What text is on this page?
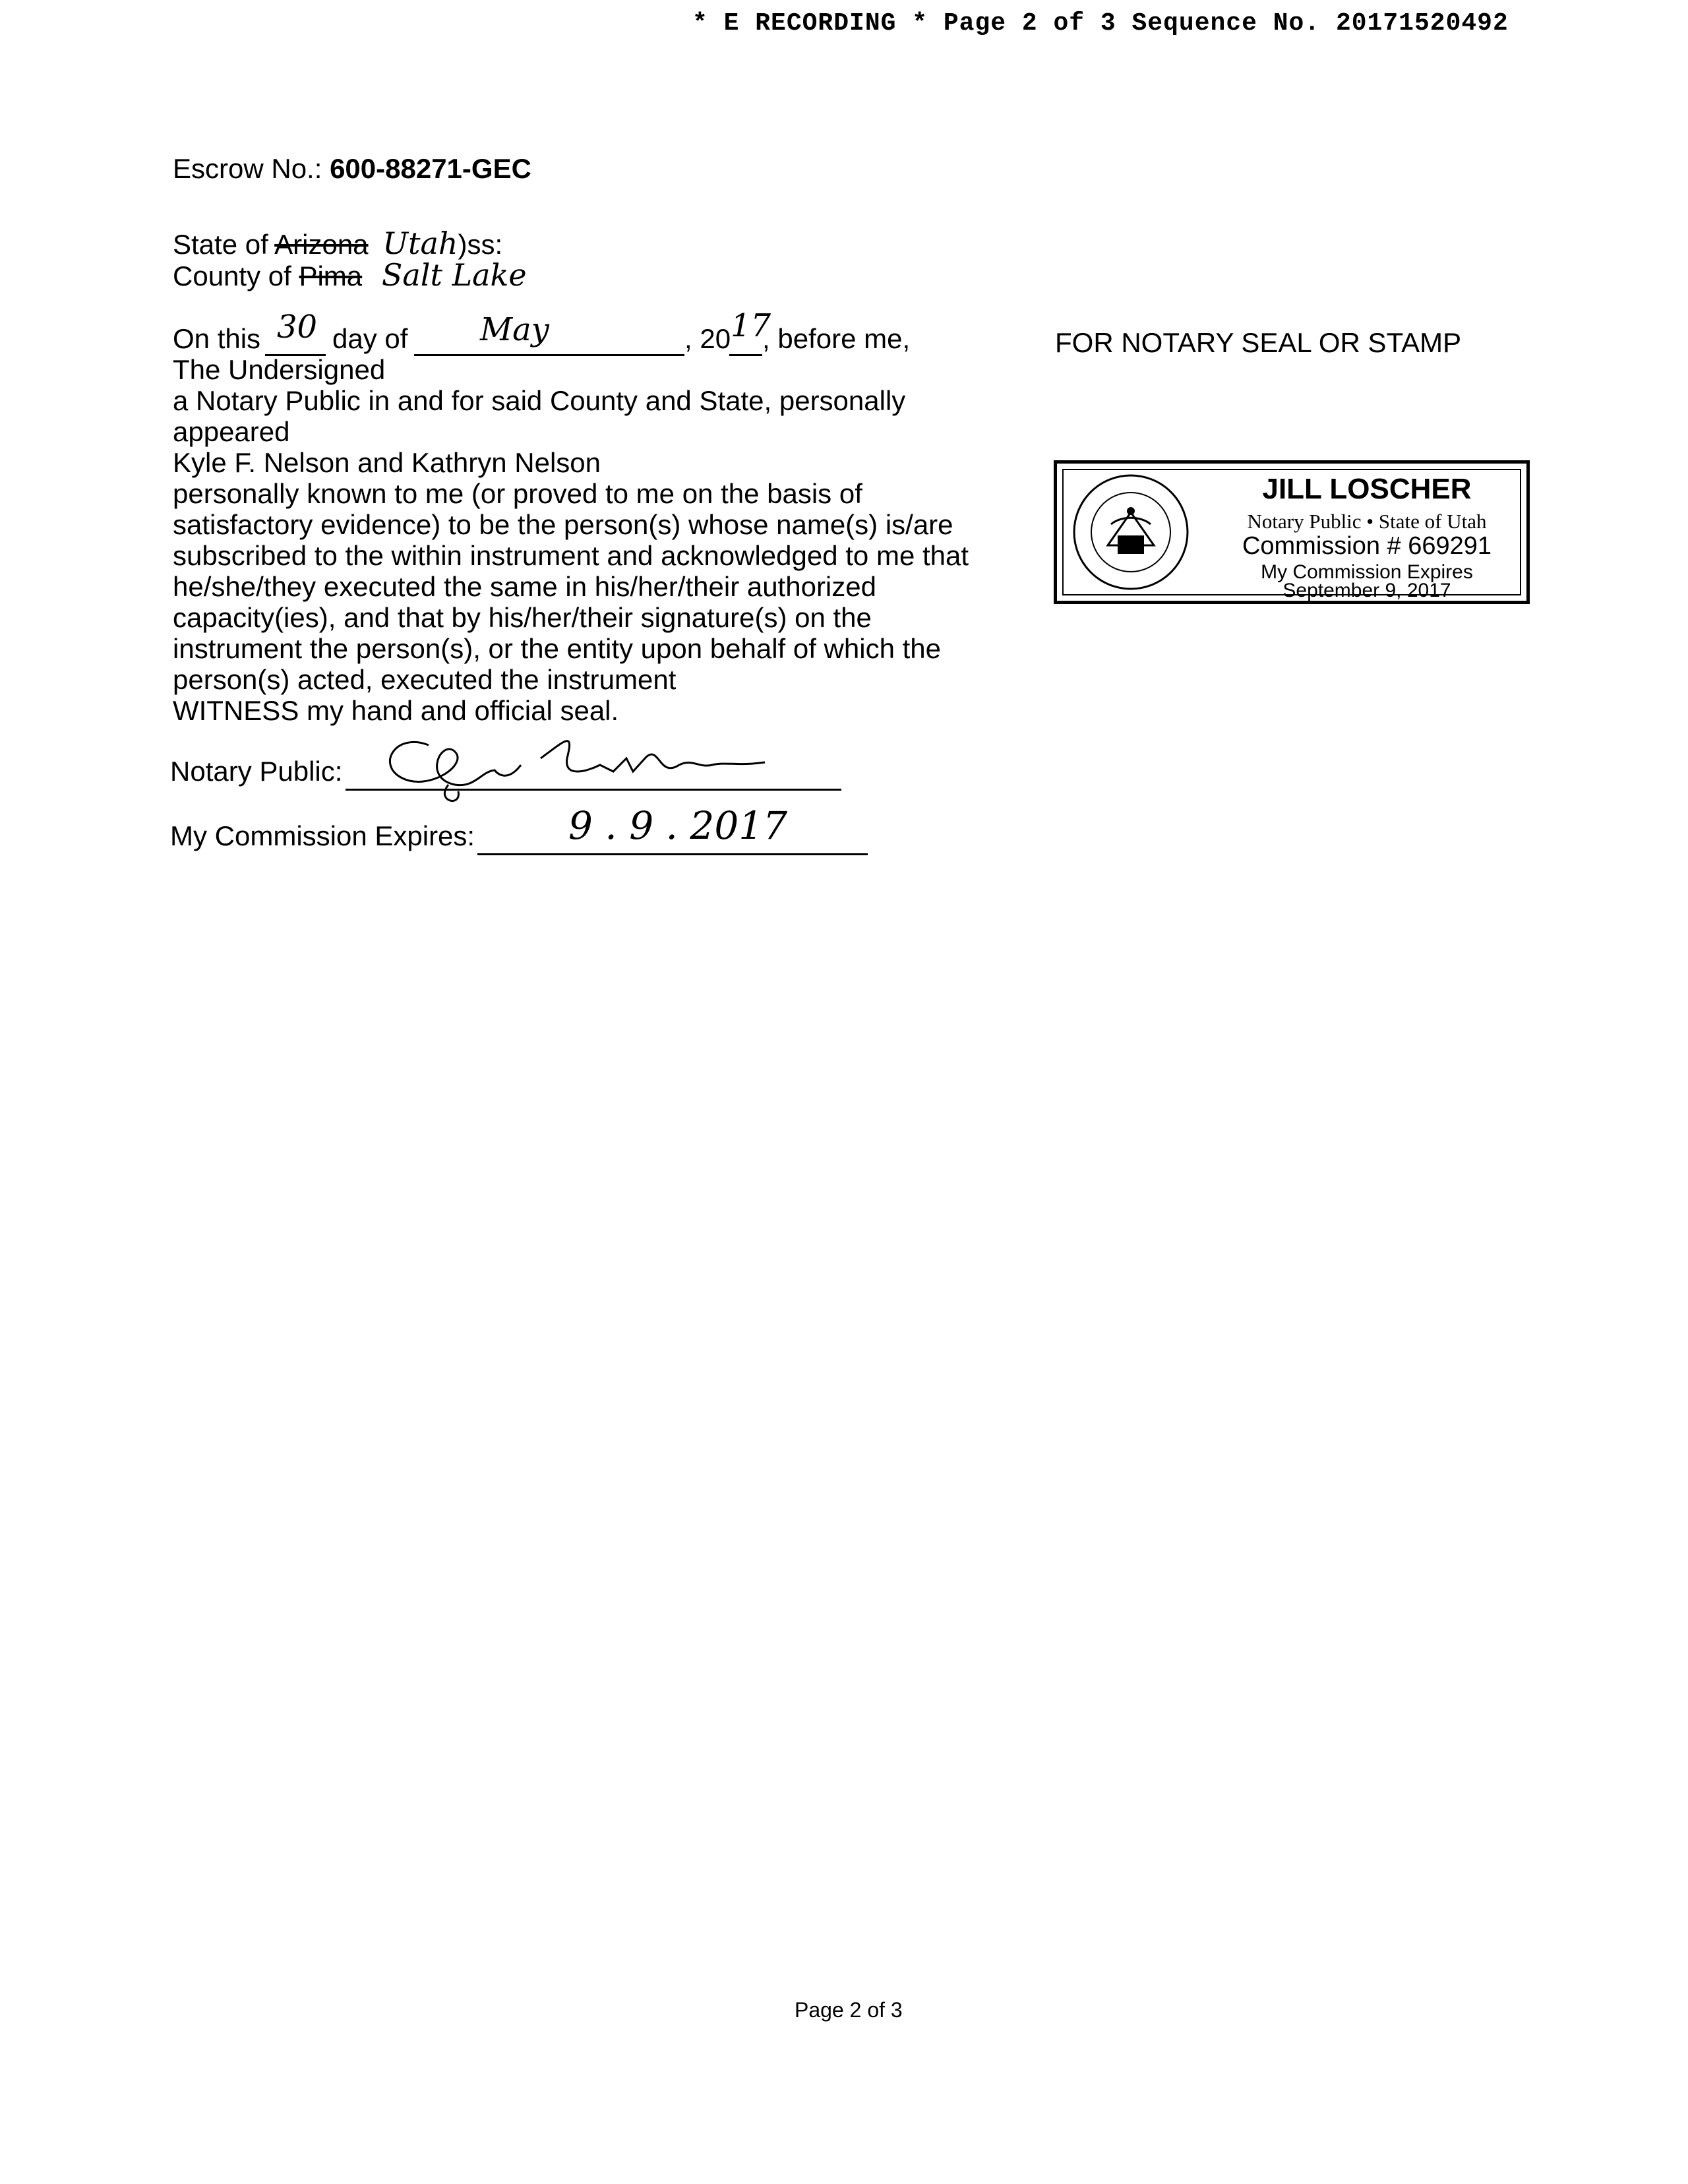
* E RECORDING * Page 2 of 3 Sequence No. 20171520492
Escrow No.: 600-88271-GEC
State of Arizona Utah)ss:
County of Pima Salt Lake
On this 30 day of May	, 20 17
, before me,
The Undersigned
a Notary Public in and for said County and State, personally
appeared
Kyle F. Nelson and Kathryn Nelson
personally known to me (or proved to me on the basis of
satisfactory evidence) to be the person(s) whose name(s) is/are
subscribed to the within instrument and acknowledged to me that
he/she/they executed the same in his/her/their authorized
capacity(ies), and that by his/her/their signature(s) on the
instrument the person(s), or the entity upon behalf of which the
person(s) acted, executed the instrument
WITNESS my hand and official seal.
Notary Public:
My Commission Expires: 9 . 9 . 2017
FOR NOTARY SEAL OR STAMP
JILL LOSCHER
Notary Public • State of Utah
Commission # 669291
My Commission Expires
September 9, 2017
Page 2 of 3
